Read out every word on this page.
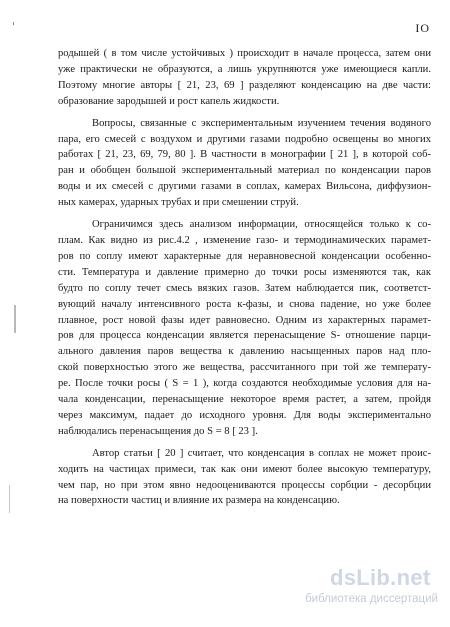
IO

родышей ( в том числе устойчивых ) происходит в начале процесса, затем они
уже практически не образуются, а лишь укрупняются уже имеющиеся капли.
Поэтому многие авторы [ 21, 23, 69 ] разделяют конденсацию на две части:
образование зародышей и рост капель жидкости.

Вопросы, связанные с экспериментальным изучением течения водяного
пара, его смесей с воздухом и другими газами подробно освещены во многих
работах [ 21, 23, 69, 79, 80 ]. В частности в монографии [ 21 ], в которой соб-
ран и обобщен большой экспериментальный материал по конденсации паров
воды и их смесей с другими газами в соплах, камерах Вильсона, диффузион-
ных камерах, ударных трубах и при смешении струй.

Ограничимся здесь анализом информации, относящейся только к со-
плам. Как видно из рис.4.2 , изменение газо- и термодинамических парамет-
ров по соплу имеют характерные для неравновесной конденсации особенно-
сти. Температура и давление примерно до точки росы изменяются так, как
будто по соплу течет смесь вязких газов. Затем наблюдается пик, соответст-
вующий началу интенсивного роста к-фазы, и снова падение, но уже более
плавное, рост новой фазы идет равновесно. Одним из характерных парамет-
ров для процесса конденсации является перенасыщение S- отношение парци-
ального давления паров вещества к давлению насыщенных паров над пло-
ской поверхностью этого же вещества, рассчитанного при той же температу-
ре. После точки росы ( S = 1 ), когда создаются необходимые условия для на-
чала конденсации, перенасыщение некоторое время растет, а затем, пройдя
через максимум, падает до исходного уровня. Для воды экспериментально
наблюдались перенасыщения до S = 8 [ 23 ].

Автор статьи [ 20 ] считает, что конденсация в соплах не может проис-
ходить на частицах примеси, так как они имеют более высокую температуру,
чем пар, но при этом явно недооцениваются процессы сорбции - десорбции
на поверхности частиц и влияние их размера на конденсацию.

dsLib.net
библиотека диссертаций
